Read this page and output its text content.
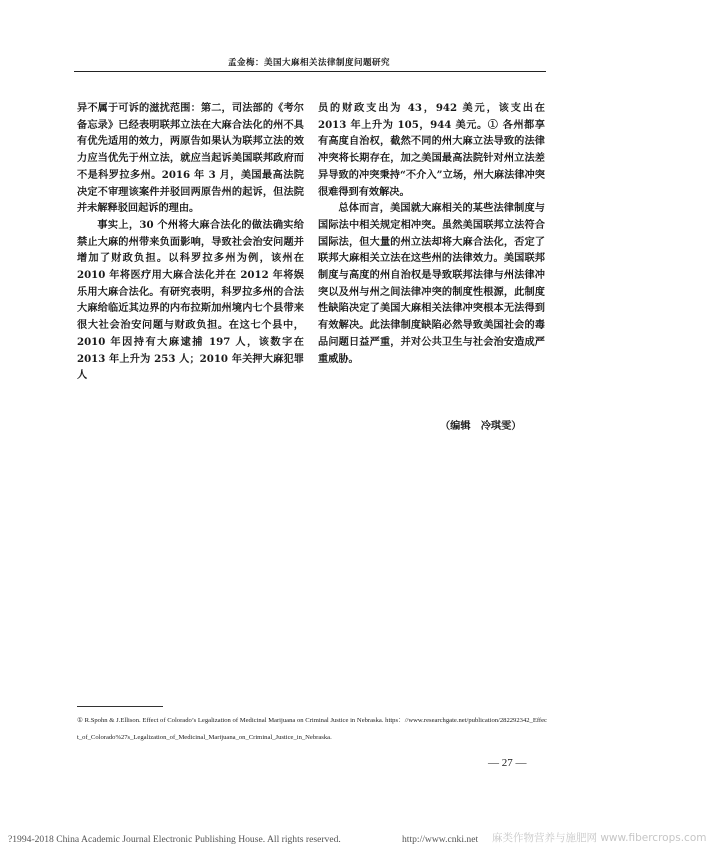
孟金梅：美国大麻相关法律制度问题研究

异不属于可诉的滋扰范围：第二，司法部的《考尔备忘录》已经表明联邦立法在大麻合法化的州不具有优先适用的效力，两原告如果认为联邦立法的效力应当优先于州立法，就应当起诉美国联邦政府而不是科罗拉多州。2016 年 3 月，美国最高法院决定不审理该案件并驳回两原告州的起诉，但法院并未解释驳回起诉的理由。

事实上，30 个州将大麻合法化的做法确实给禁止大麻的州带来负面影响，导致社会治安问题并增加了财政负担。以科罗拉多州为例，该州在 2010 年将医疗用大麻合法化并在 2012 年将娱乐用大麻合法化。有研究表明，科罗拉多州的合法大麻给临近其边界的内布拉斯加州境内七个县带来很大社会治安问题与财政负担。在这七个县中，2010 年因持有大麻逮捕 197 人，该数字在 2013 年上升为 253 人；2010 年关押大麻犯罪人

员的财政支出为 43，942 美元，该支出在 2013 年上升为 105，944 美元。① 各州都享有高度自治权，截然不同的州大麻立法导致的法律冲突将长期存在，加之美国最高法院针对州立法差异导致的冲突秉持“不介入”立场，州大麻法律冲突很难得到有效解决。

总体而言，美国就大麻相关的某些法律制度与国际法中相关规定相冲突。虽然美国联邦立法符合国际法，但大量的州立法却将大麻合法化，否定了联邦大麻相关立法在这些州的法律效力。美国联邦制度与高度的州自治权是导致联邦法律与州法律冲突以及州与州之间法律冲突的制度性根源，此制度性缺陷决定了美国大麻相关法律冲突根本无法得到有效解决。此法律制度缺陷必然导致美国社会的毒品问题日益严重，并对公共卫生与社会治安造成严重威胁。

（编辑　冷琪雯）
① R.Spohn & J.Ellison. Effect of Colorado’s Legalization of Medicinal Marijuana on Criminal Justice in Nebraska. https：//www.researchgate.net/publication/282292342_Effect_of_Colorado%27s_Legalization_of_Medicinal_Marijuana_on_Criminal_Justice_in_Nebraska.
— 27 —
?1994-2018 China Academic Journal Electronic Publishing House. All rights reserved.	http://www.cnki.net 麻类作物营养与施肥网 www.fibercrops.com
